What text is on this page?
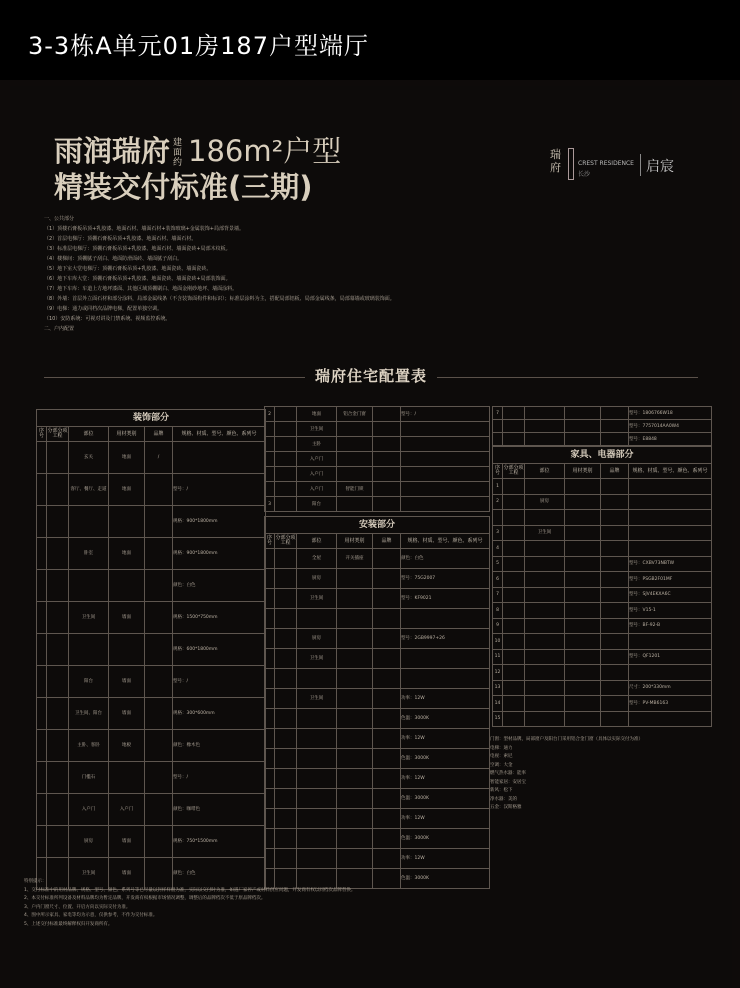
3-3栋A单元01房187户型端厅
雨润瑞府 建面约 186m²户型
精装交付标准(三期)
瑞府	CREST RESIDENCE
长沙	启宸
一、公共部分
（1）顶楼石膏板吊顶+乳胶漆、地面石材、墙面石材+装饰玻璃+金属装饰+局部背景墙。
（2）首层电梯厅：顶棚石膏板吊顶+乳胶漆、地面石材、墙面石材。
（3）标准层电梯厅：顶棚石膏板吊顶+乳胶漆、地面石材、墙面瓷砖+局部木纹板。
（4）楼梯间：顶棚腻子刮白、地面防滑面砖、墙面腻子刮白。
（5）地下室大堂电梯厅：顶棚石膏板吊顶+乳胶漆、地面瓷砖、墙面瓷砖。
（6）地下车库大堂：顶棚石膏板吊顶+乳胶漆、地面瓷砖、墙面瓷砖+局部装饰面。
（7）地下车库：车道上方地坪漆面、其他区域顶棚刷白、地面金刚砂地坪、墙面涂料。
（8）外墙：首层外立面石材和部分涂料，局部金属线条（不含装饰面构件和标识）；标准层涂料为主，搭配局部铝板、局部金属线条，局部幕墙或玻璃装饰面。
（9）电梯：通力或同档次品牌电梯，配置单独空调。
（10）安防系统：可视对讲及门禁系统、视频监控系统。
二、户内配置
瑞府住宅配置表
装饰部分					
序号	分部分项工程	部位	用材类别	品牌	规格、材质、型号、颜色、系列号
		玄关	地面	/	
		客厅、餐厅、走道	地面		型号：/
					规格：900*1800mm
		卧室	地面		规格：900*1800mm
					颜色：白色
		卫生间	墙面		规格：1500*750mm
					规格：600*1800mm
		阳台	墙面		型号：/
		卫生间、阳台	墙面		规格：300*600mm
		主卧、客卧	地板		颜色：橡木色
		门槛石			型号：/
		入户门	入户门		颜色：咖啡色
		厨房	墙面		规格：750*1500mm
		卫生间	墙面		颜色：白色
2		地面	铝合金门窗		型号：/
		卫生间			
		主卧			
		入户门			
		入户门			
		入户门	智能门锁		
3		阳台			
安装部分					
序号	分部分项工程	部位	用材类别	品牌	规格、材质、型号、颜色、系列号
		全屋	开关插座		颜色：白色
		厨房			型号：75G2007
		卫生间			型号：KF9021

		厨房			型号：2GB9997+26
		卫生间			

		卫生间			功率：12W
					色温：3000K
					功率：12W
					色温：3000K
					功率：12W
					色温：3000K
					功率：12W
					色温：3000K
					功率：12W
					色温：3000K
7					型号：1806766W18
					型号：7757014AA0W4
					型号：E8848
家具、电器部分					
序号	分部分项工程	部位	用材类别	品牌	规格、材质、型号、颜色、系列号
1					
2		厨房			

3		卫生间			
4					
5					型号：CXBV73NBTW
6					型号：PSGB2F01MF
7					型号：SJV4EKXA6C
8					型号：V15-1
9					型号：BF-92-B
10					
11					型号：QF1201
12					
13					尺寸：200*330mm
14					型号：PV-MB6163
15					
门窗：型材品牌，局部窗户及阳台门采用铝合金门窗（具体以实际交付为准）
电梯：通力
电视：索尼
空调：大金
燃气热水器：能率
智能家居：安居宝
新风：松下
净水器：美的
五金：汉斯格雅
特别提示：
1、交付标准中的用材品牌、规格、型号、颜色、系列号等已尽量以封样样板为准，实际以交付时为准，如遇厂家停产或材料供应问题，开发商有权以同档次品牌替换。
2、本交付标准所列设备及材料品牌均为暂定品牌，开发商有权根据市场情况调整，调整后的品牌档次不低于原品牌档次。
3、户内门窗尺寸、位置、开启方向以实际交付为准。
4、图中所示家具、家电等均为示意，仅供参考，不作为交付标准。
5、上述交付标准最终解释权归开发商所有。
